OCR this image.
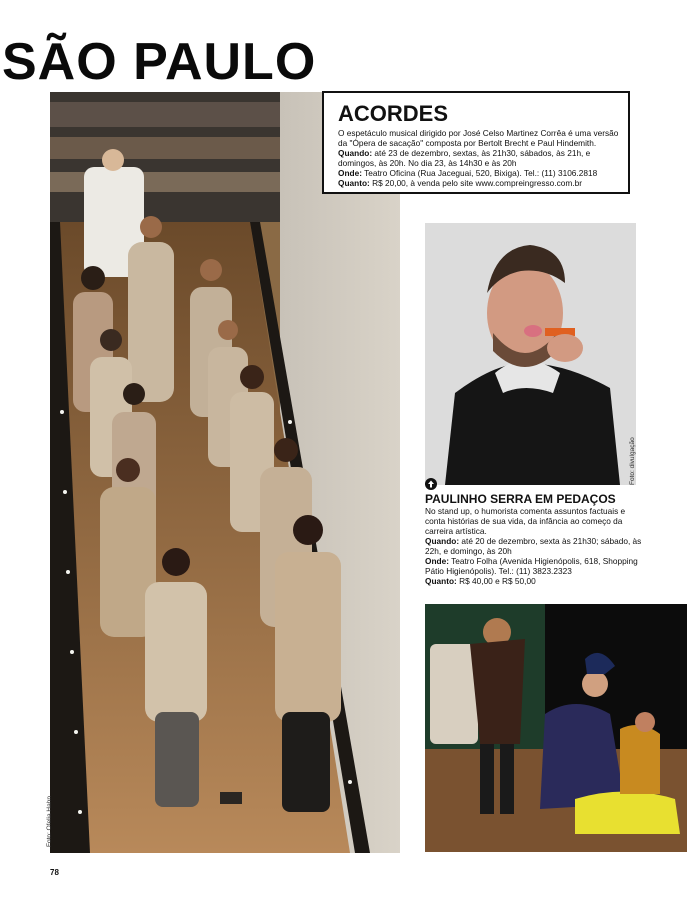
SÃO PAULO
Foto: Ofelia Hahn
ACORDES

O espetáculo musical dirigido por José Celso Martinez Corrêa é uma versão da "Ópera de sacação" composta por Bertolt Brecht e Paul Hindemith.

Quando: até 23 de dezembro, sextas, às 21h30, sábados, às 21h, e domingos, às 20h. No dia 23, às 14h30 e às 20h

Onde: Teatro Oficina (Rua Jaceguai, 520, Bixiga). Tel.: (11) 3106.2818

Quanto: R$ 20,00, à venda pelo site www.compreingresso.com.br

Foto: divulgação
PAULINHO SERRA EM PEDAÇOS

No stand up, o humorista comenta assuntos factuais e conta histórias de sua vida, da infância ao começo da carreira artística.

Quando: até 20 de dezembro, sexta às 21h30; sábado, às 22h, e domingo, às 20h

Onde: Teatro Folha (Avenida Higienópolis, 618, Shopping Pátio Higienópolis). Tel.: (11) 3823.2323

Quanto: R$ 40,00 e R$ 50,00

78
